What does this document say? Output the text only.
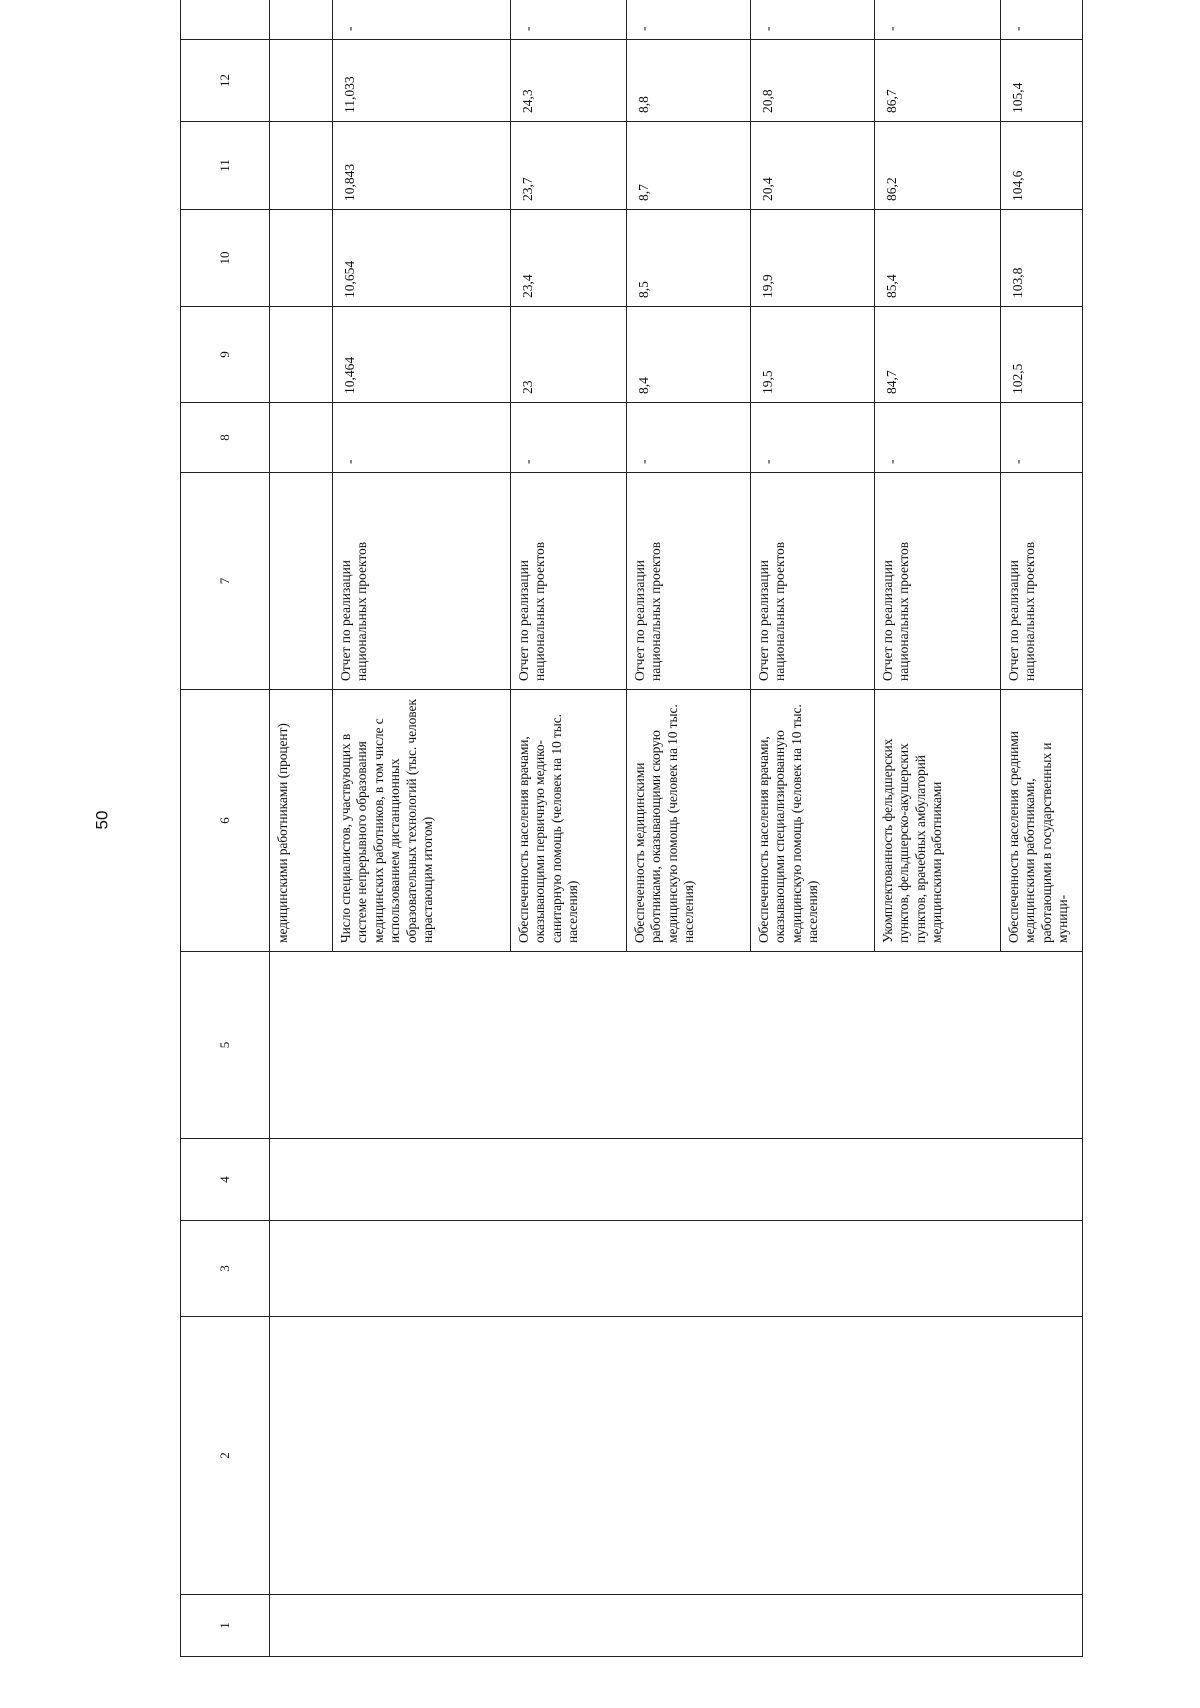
50
1	2	3	4	5	6	7	8	9	10	11	12	
					медицинскими работниками (процент)							
					Число специалистов, участвующих в системе непрерывного образования медицинских работников, в том числе с использованием дистанционных образовательных технологий (тыс. человек нарастающим итогом)	Отчет по реализации национальных проектов	-	10,464	10,654	10,843	11,033	-
					Обеспеченность населения врачами, оказывающими первичную медико-санитарную помощь (человек на 10 тыс. населения)	Отчет по реализации национальных проектов	-	23	23,4	23,7	24,3	-
					Обеспеченность медицинскими работниками, оказывающими скорую медицинскую помощь (человек на 10 тыс. населения)	Отчет по реализации национальных проектов	-	8,4	8,5	8,7	8,8	-
					Обеспеченность населения врачами, оказывающими специализированную медицинскую помощь (человек на 10 тыс. населения)	Отчет по реализации национальных проектов	-	19,5	19,9	20,4	20,8	-
					Укомплектованность фельдшерских пунктов, фельдшерско-акушерских пунктов, врачебных амбулаторий медицинскими работниками	Отчет по реализации национальных проектов	-	84,7	85,4	86,2	86,7	-
					Обеспеченность населения средними медицинскими работниками, работающими в государственных и муници-	Отчет по реализации национальных проектов	-	102,5	103,8	104,6	105,4	-
